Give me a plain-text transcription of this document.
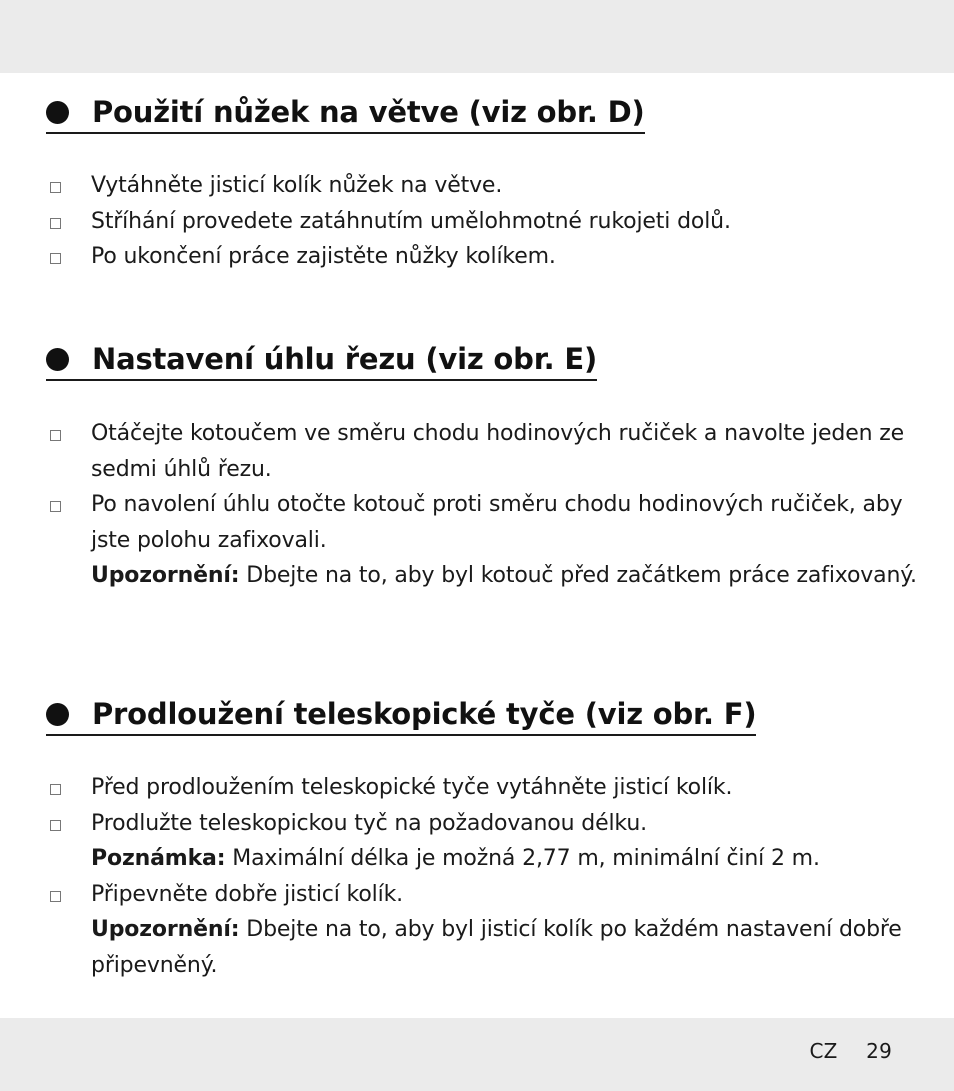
Použití nůžek na větve (viz obr. D)
Vytáhněte jisticí kolík nůžek na větve.
Stříhání provedete zatáhnutím umělohmotné rukojeti dolů.
Po ukončení práce zajistěte nůžky kolíkem.
Nastavení úhlu řezu (viz obr. E)
Otáčejte kotoučem ve směru chodu hodinových ručiček a navolte jeden ze sedmi úhlů řezu.
Po navolení úhlu otočte kotouč proti směru chodu hodinových ručiček, aby jste polohu zafixovali.
Upozornění: Dbejte na to, aby byl kotouč před začátkem práce zafixovaný.
Prodloužení teleskopické tyče (viz obr. F)
Před prodloužením teleskopické tyče vytáhněte jisticí kolík.
Prodlužte teleskopickou tyč na požadovanou délku.
Poznámka: Maximální délka je možná 2,77 m, minimální činí 2 m.
Připevněte dobře jisticí kolík.
Upozornění: Dbejte na to, aby byl jisticí kolík po každém nastavení dobře připevněný.
CZ 29
